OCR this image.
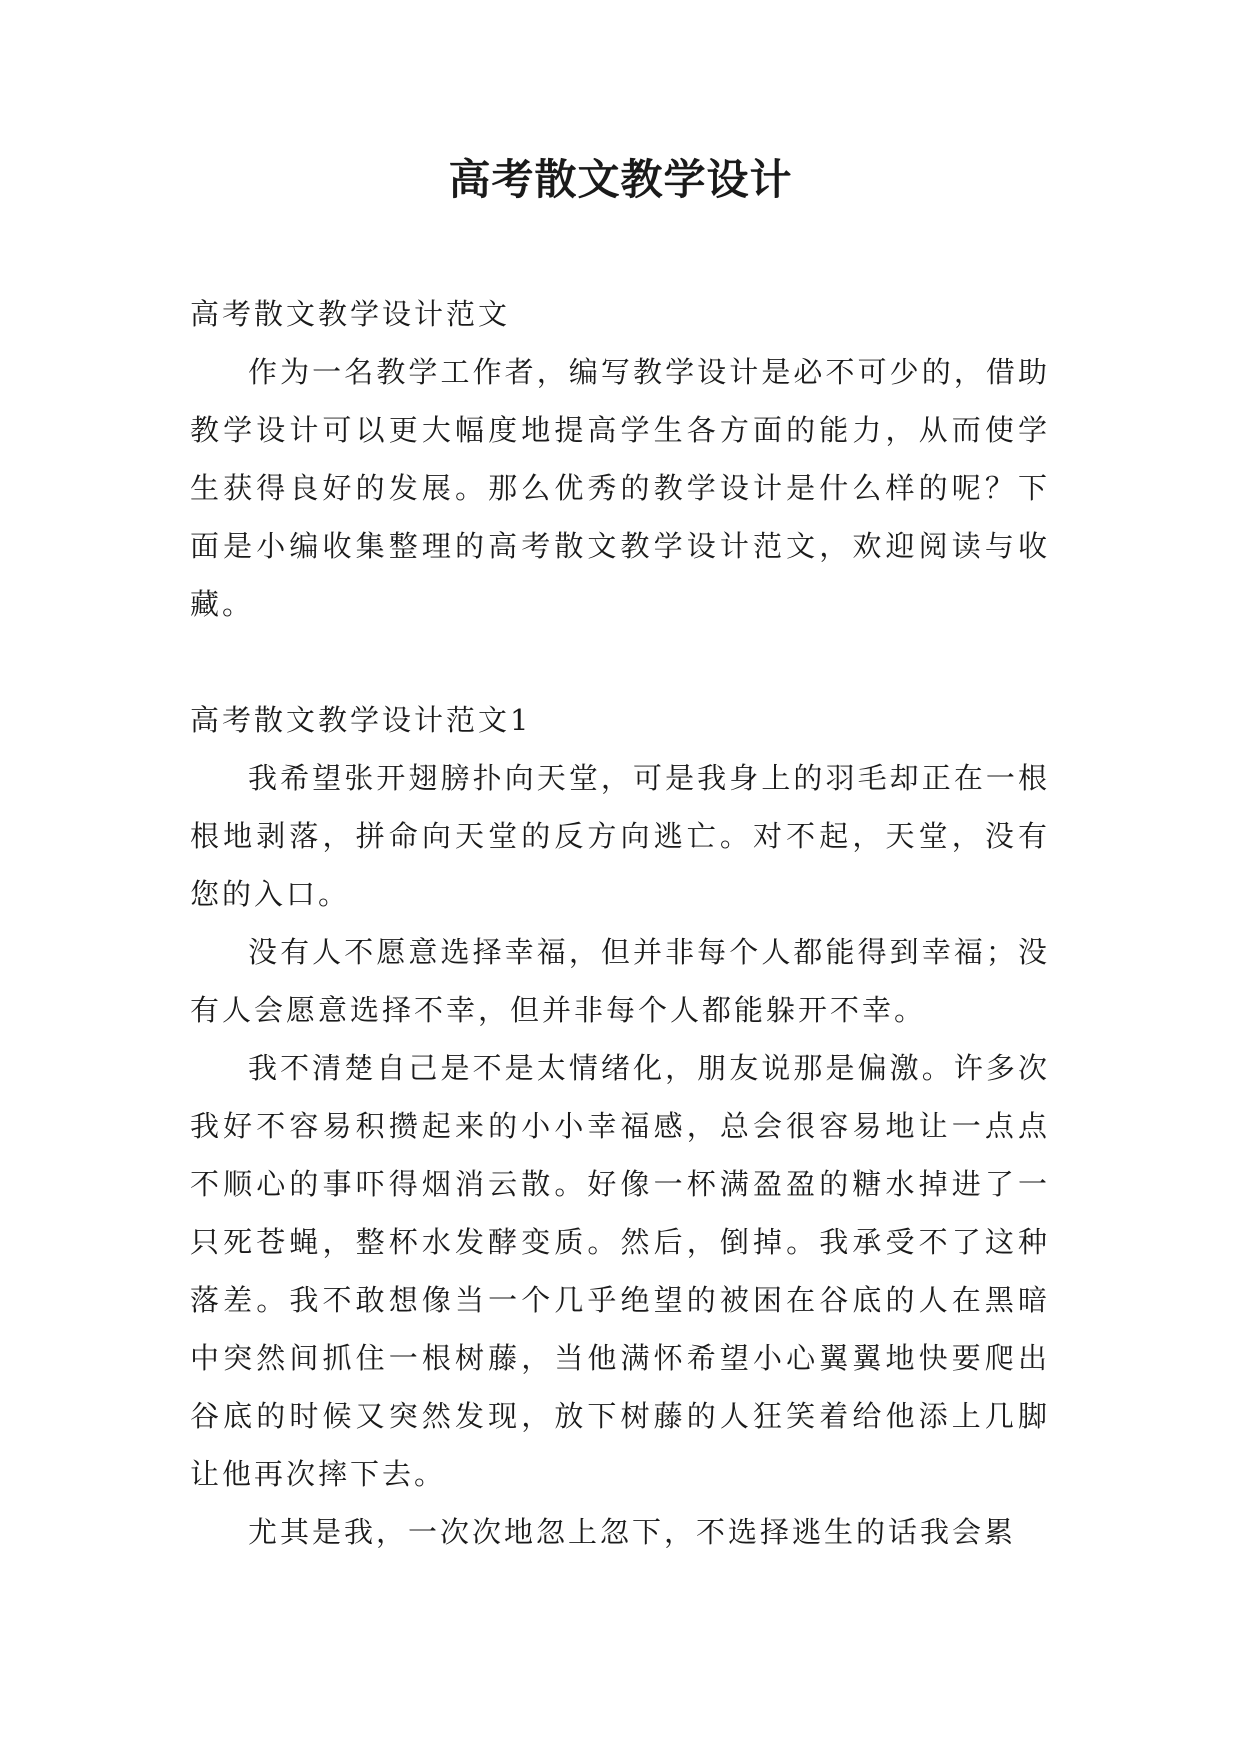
高考散文教学设计

高考散文教学设计范文

作为一名教学工作者，编写教学设计是必不可少的，借助教学设计可以更大幅度地提高学生各方面的能力，从而使学生获得良好的发展。那么优秀的教学设计是什么样的呢？下面是小编收集整理的高考散文教学设计范文，欢迎阅读与收藏。

高考散文教学设计范文1

我希望张开翅膀扑向天堂，可是我身上的羽毛却正在一根根地剥落，拼命向天堂的反方向逃亡。对不起，天堂，没有您的入口。

没有人不愿意选择幸福，但并非每个人都能得到幸福；没有人会愿意选择不幸，但并非每个人都能躲开不幸。

我不清楚自己是不是太情绪化，朋友说那是偏激。许多次我好不容易积攒起来的小小幸福感，总会很容易地让一点点不顺心的事吓得烟消云散。好像一杯满盈盈的糖水掉进了一只死苍蝇，整杯水发酵变质。然后，倒掉。我承受不了这种落差。我不敢想像当一个几乎绝望的被困在谷底的人在黑暗中突然间抓住一根树藤，当他满怀希望小心翼翼地快要爬出谷底的时候又突然发现，放下树藤的人狂笑着给他添上几脚让他再次摔下去。

尤其是我，一次次地忽上忽下，不选择逃生的话我会累
